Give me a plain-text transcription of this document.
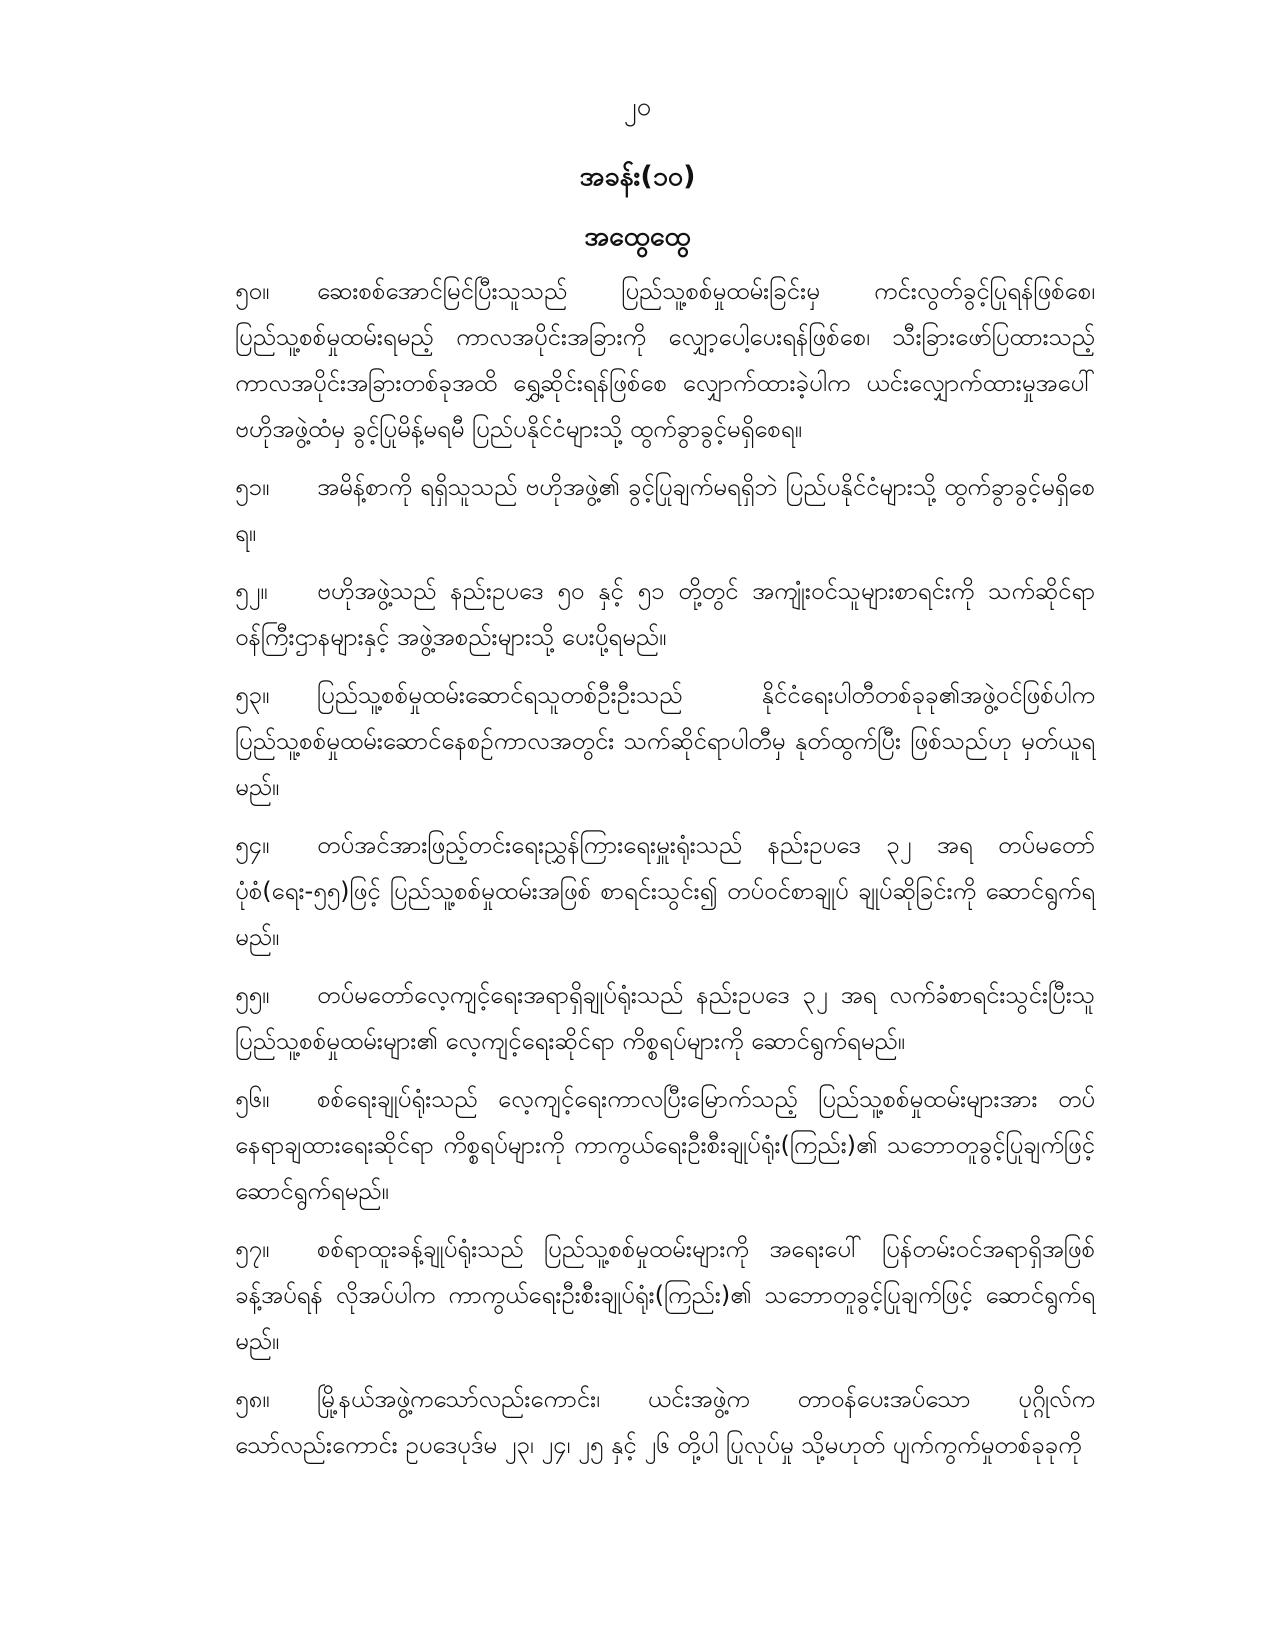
၂၀
အခန်း(၁၀)
အထွေထွေ

၅၀။ ဆေးစစ်အောင်မြင်ပြီးသူသည် ပြည်သူ့စစ်မှုထမ်းခြင်းမှ ကင်းလွတ်ခွင့်ပြုရန်ဖြစ်စေ၊ ပြည်သူ့စစ်မှုထမ်းရမည့် ကာလအပိုင်းအခြားကို လျှော့ပေါ့ပေးရန်ဖြစ်စေ၊ သီးခြားဖော်ပြထားသည့် ကာလအပိုင်းအခြားတစ်ခုအထိ ရွှေ့ဆိုင်းရန်ဖြစ်စေ လျှောက်ထားခဲ့ပါက ယင်းလျှောက်ထားမှုအပေါ် ဗဟိုအဖွဲ့ထံမှ ခွင့်ပြုမိန့်မရမီ ပြည်ပနိုင်ငံများသို့ ထွက်ခွာခွင့်မရှိစေရ။

၅၁။ အမိန့်စာကို ရရှိသူသည် ဗဟိုအဖွဲ့၏ ခွင့်ပြုချက်မရရှိဘဲ ပြည်ပနိုင်ငံများသို့ ထွက်ခွာခွင့်မရှိစေရ။

၅၂။ ဗဟိုအဖွဲ့သည် နည်းဥပဒေ ၅၀ နှင့် ၅၁ တို့တွင် အကျုံးဝင်သူများစာရင်းကို သက်ဆိုင်ရာ ဝန်ကြီးဌာနများနှင့် အဖွဲ့အစည်းများသို့ ပေးပို့ရမည်။

၅၃။ ပြည်သူ့စစ်မှုထမ်းဆောင်ရသူတစ်ဦးဦးသည် နိုင်ငံရေးပါတီတစ်ခုခု၏အဖွဲ့ဝင်ဖြစ်ပါက ပြည်သူ့စစ်မှုထမ်းဆောင်နေစဉ်ကာလအတွင်း သက်ဆိုင်ရာပါတီမှ နုတ်ထွက်ပြီး ဖြစ်သည်ဟု မှတ်ယူရမည်။

၅၄။ တပ်အင်အားဖြည့်တင်းရေးညွှန်ကြားရေးမှူးရုံးသည် နည်းဥပဒေ ၃၂ အရ တပ်မတော်ပုံစံ(ရေး-၅၅)ဖြင့် ပြည်သူ့စစ်မှုထမ်းအဖြစ် စာရင်းသွင်း၍ တပ်ဝင်စာချုပ် ချုပ်ဆိုခြင်းကို ဆောင်ရွက်ရမည်။

၅၅။ တပ်မတော်လေ့ကျင့်ရေးအရာရှိချုပ်ရုံးသည် နည်းဥပဒေ ၃၂ အရ လက်ခံစာရင်းသွင်းပြီးသူ ပြည်သူ့စစ်မှုထမ်းများ၏ လေ့ကျင့်ရေးဆိုင်ရာ ကိစ္စရပ်များကို ဆောင်ရွက်ရမည်။

၅၆။ စစ်ရေးချုပ်ရုံးသည် လေ့ကျင့်ရေးကာလပြီးမြောက်သည့် ပြည်သူ့စစ်မှုထမ်းများအား တပ်နေရာချထားရေးဆိုင်ရာ ကိစ္စရပ်များကို ကာကွယ်ရေးဦးစီးချုပ်ရုံး(ကြည်း)၏ သဘောတူခွင့်ပြုချက်ဖြင့် ဆောင်ရွက်ရမည်။

၅၇။ စစ်ရာထူးခန့်ချုပ်ရုံးသည် ပြည်သူ့စစ်မှုထမ်းများကို အရေးပေါ် ပြန်တမ်းဝင်အရာရှိအဖြစ် ခန့်အပ်ရန် လိုအပ်ပါက ကာကွယ်ရေးဦးစီးချုပ်ရုံး(ကြည်း)၏ သဘောတူခွင့်ပြုချက်ဖြင့် ဆောင်ရွက်ရမည်။

၅၈။ မြို့နယ်အဖွဲ့ကသော်လည်းကောင်း၊ ယင်းအဖွဲ့က တာဝန်ပေးအပ်သော ပုဂ္ဂိုလ်ကသော်လည်းကောင်း ဥပဒေပုဒ်မ ၂၃၊ ၂၄၊ ၂၅ နှင့် ၂၆ တို့ပါ ပြုလုပ်မှု သို့မဟုတ် ပျက်ကွက်မှုတစ်ခုခုကို
